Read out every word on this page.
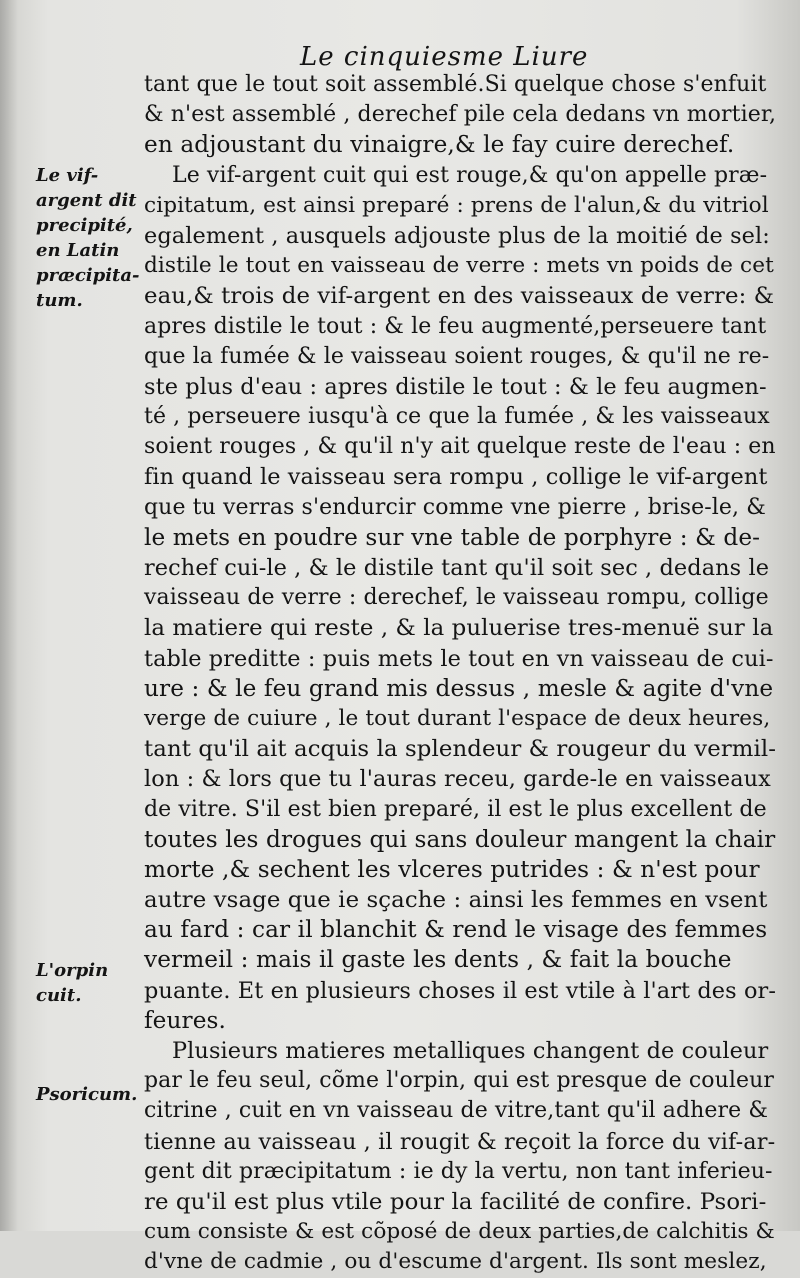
Le cinquiesme Liure
Le vif-
argent dit
precipité,
en Latin
præcipita-
tum.
L'orpin
cuit.
Psoricum.
tant que le tout soit assemblé.Si quelque chose s'enfuit
& n'est assemblé , derechef pile cela dedans vn mortier,
en adjoustant du vinaigre,& le fay cuire derechef.
Le vif-argent cuit qui est rouge,& qu'on appelle præ-
cipitatum, est ainsi preparé : prens de l'alun,& du vitriol
egalement , ausquels adjouste plus de la moitié de sel:
distile le tout en vaisseau de verre : mets vn poids de cet
eau,& trois de vif-argent en des vaisseaux de verre: &
apres distile le tout : & le feu augmenté,perseuere tant
que la fumée & le vaisseau soient rouges, & qu'il ne re-
ste plus d'eau : apres distile le tout : & le feu augmen-
té , perseuere iusqu'à ce que la fumée , & les vaisseaux
soient rouges , & qu'il n'y ait quelque reste de l'eau : en
fin quand le vaisseau sera rompu , collige le vif-argent
que tu verras s'endurcir comme vne pierre , brise-le, &
le mets en poudre sur vne table de porphyre : & de-
rechef cui-le , & le distile tant qu'il soit sec , dedans le
vaisseau de verre : derechef, le vaisseau rompu, collige
la matiere qui reste , & la puluerise tres-menuë sur la
table preditte : puis mets le tout en vn vaisseau de cui-
ure : & le feu grand mis dessus , mesle & agite d'vne
verge de cuiure , le tout durant l'espace de deux heures,
tant qu'il ait acquis la splendeur & rougeur du vermil-
lon : & lors que tu l'auras receu, garde-le en vaisseaux
de vitre. S'il est bien preparé, il est le plus excellent de
toutes les drogues qui sans douleur mangent la chair
morte ,& sechent les vlceres putrides : & n'est pour
autre vsage que ie sçache : ainsi les femmes en vsent
au fard : car il blanchit & rend le visage des femmes
vermeil : mais il gaste les dents , & fait la bouche
puante. Et en plusieurs choses il est vtile à l'art des or-
feures.
Plusieurs matieres metalliques changent de couleur
par le feu seul, cõme l'orpin, qui est presque de couleur
citrine , cuit en vn vaisseau de vitre,tant qu'il adhere &
tienne au vaisseau , il rougit & reçoit la force du vif-ar-
gent dit præcipitatum : ie dy la vertu, non tant inferieu-
re qu'il est plus vtile pour la facilité de confire. Psori-
cum consiste & est cõposé de deux parties,de calchitis &
d'vne de cadmie , ou d'escume d'argent. Ils sont meslez,
